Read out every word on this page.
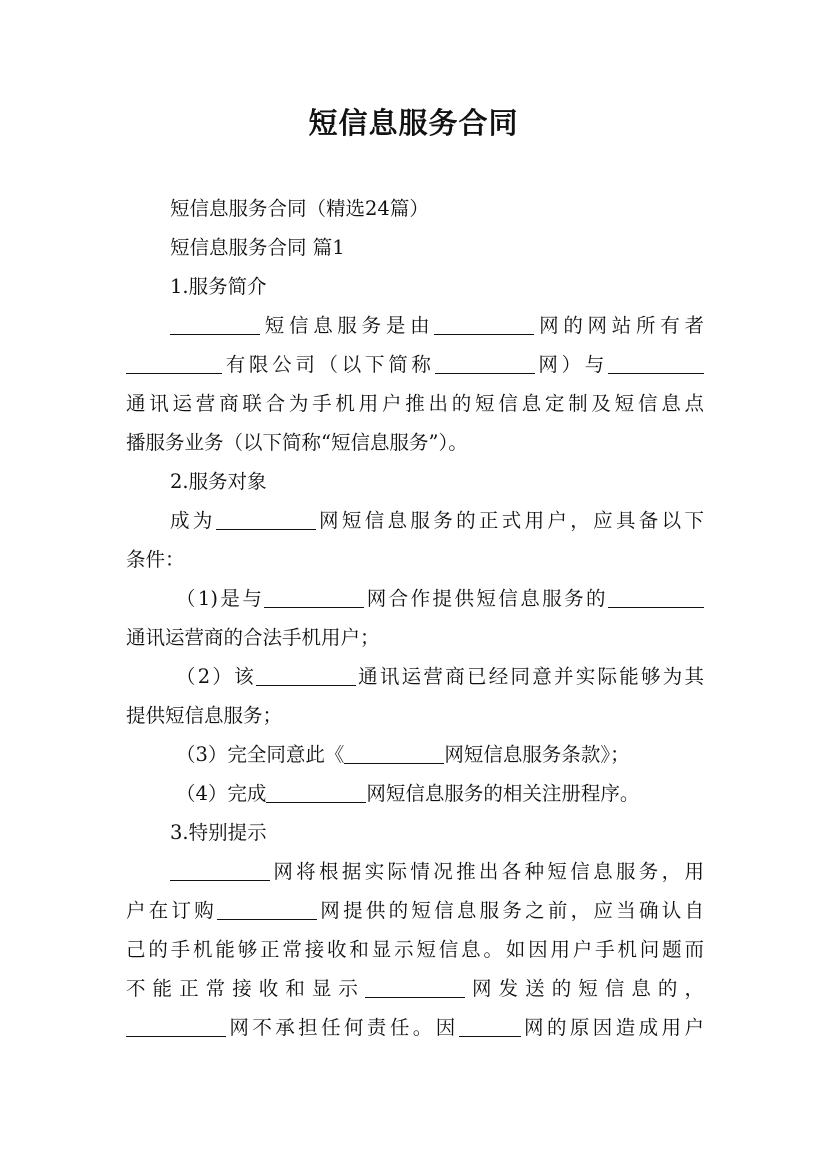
短信息服务合同

短信息服务合同（精选24篇）

短信息服务合同 篇1

1.服务简介

短信息服务是由	网的网站所有者

有限公司（以下简称	网）与

通讯运营商联合为手机用户推出的短信息定制及短信息点

播服务业务（以下简称“短信息服务”）。

2.服务对象

成为	网短信息服务的正式用户，应具备以下

条件：

（1)是与	网合作提供短信息服务的

通讯运营商的合法手机用户；

（2）该	通讯运营商已经同意并实际能够为其

提供短信息服务；

（3）完全同意此《	网短信息服务条款》；

（4）完成	网短信息服务的相关注册程序。

3.特别提示

网将根据实际情况推出各种短信息服务，用

户在订购	网提供的短信息服务之前，应当确认自

己的手机能够正常接收和显示短信息。如因用户手机问题而

不能正常接收和显示	网发送的短信息的，

网不承担任何责任。因	网的原因造成用户
